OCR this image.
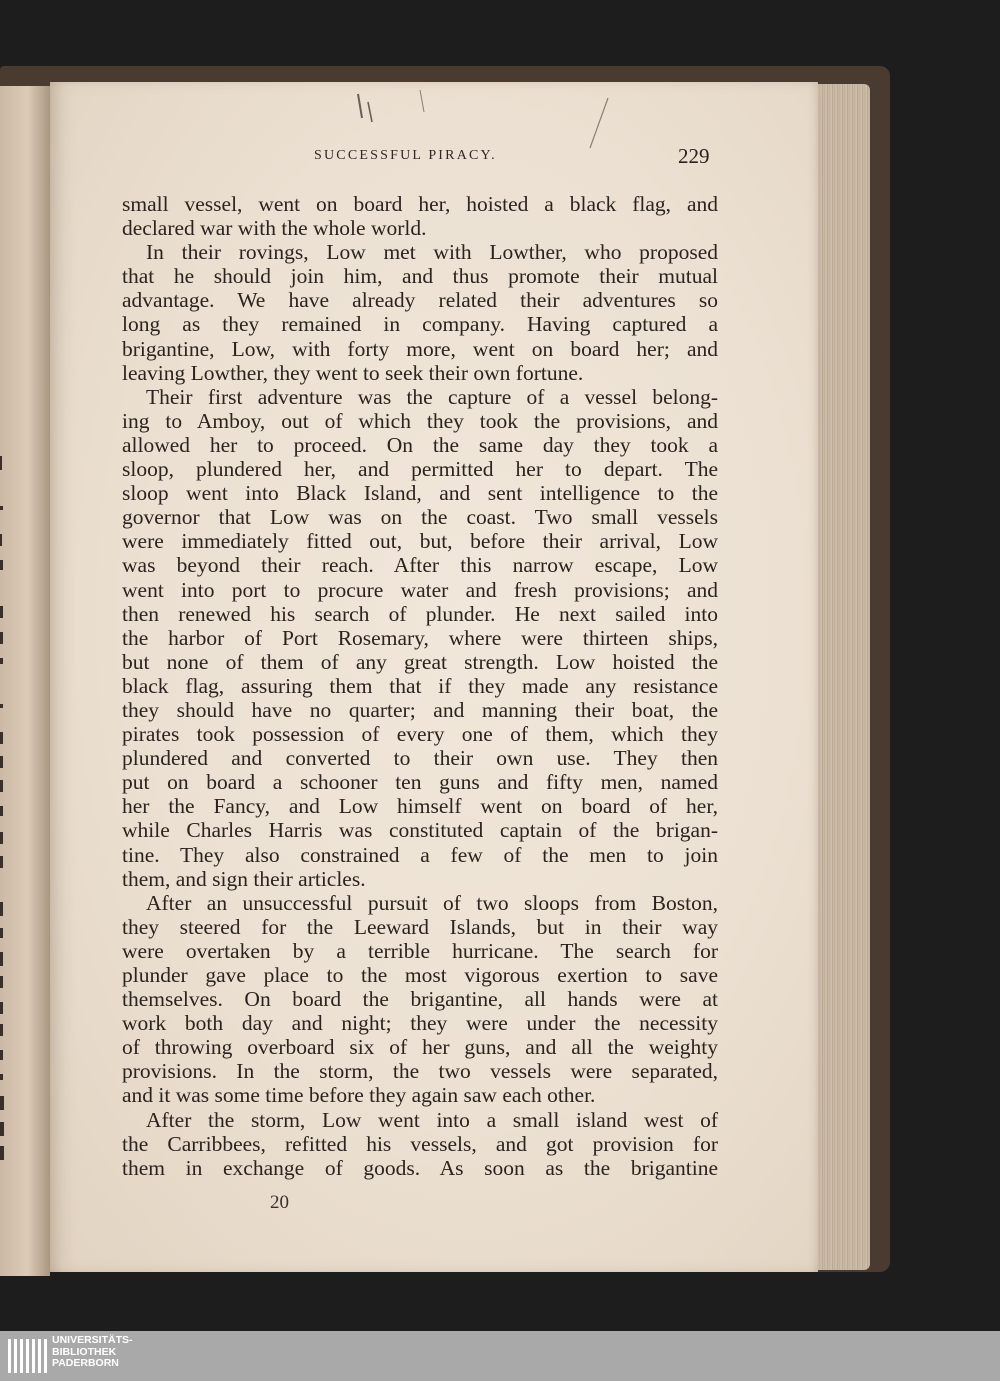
SUCCESSFUL PIRACY.	229
small vessel, went on board her, hoisted a black flag, and
declared war with the whole world.
In their rovings, Low met with Lowther, who proposed
that he should join him, and thus promote their mutual
advantage. We have already related their adventures so
long as they remained in company. Having captured a
brigantine, Low, with forty more, went on board her; and
leaving Lowther, they went to seek their own fortune.
Their first adventure was the capture of a vessel belong-
ing to Amboy, out of which they took the provisions, and
allowed her to proceed. On the same day they took a
sloop, plundered her, and permitted her to depart. The
sloop went into Black Island, and sent intelligence to the
governor that Low was on the coast. Two small vessels
were immediately fitted out, but, before their arrival, Low
was beyond their reach. After this narrow escape, Low
went into port to procure water and fresh provisions; and
then renewed his search of plunder. He next sailed into
the harbor of Port Rosemary, where were thirteen ships,
but none of them of any great strength. Low hoisted the
black flag, assuring them that if they made any resistance
they should have no quarter; and manning their boat, the
pirates took possession of every one of them, which they
plundered and converted to their own use. They then
put on board a schooner ten guns and fifty men, named
her the Fancy, and Low himself went on board of her,
while Charles Harris was constituted captain of the brigan-
tine. They also constrained a few of the men to join
them, and sign their articles.
After an unsuccessful pursuit of two sloops from Boston,
they steered for the Leeward Islands, but in their way
were overtaken by a terrible hurricane. The search for
plunder gave place to the most vigorous exertion to save
themselves. On board the brigantine, all hands were at
work both day and night; they were under the necessity
of throwing overboard six of her guns, and all the weighty
provisions. In the storm, the two vessels were separated,
and it was some time before they again saw each other.
After the storm, Low went into a small island west of
the Carribbees, refitted his vessels, and got provision for
them in exchange of goods. As soon as the brigantine
20
UNIVERSITÄTS-
BIBLIOTHEK
PADERBORN
